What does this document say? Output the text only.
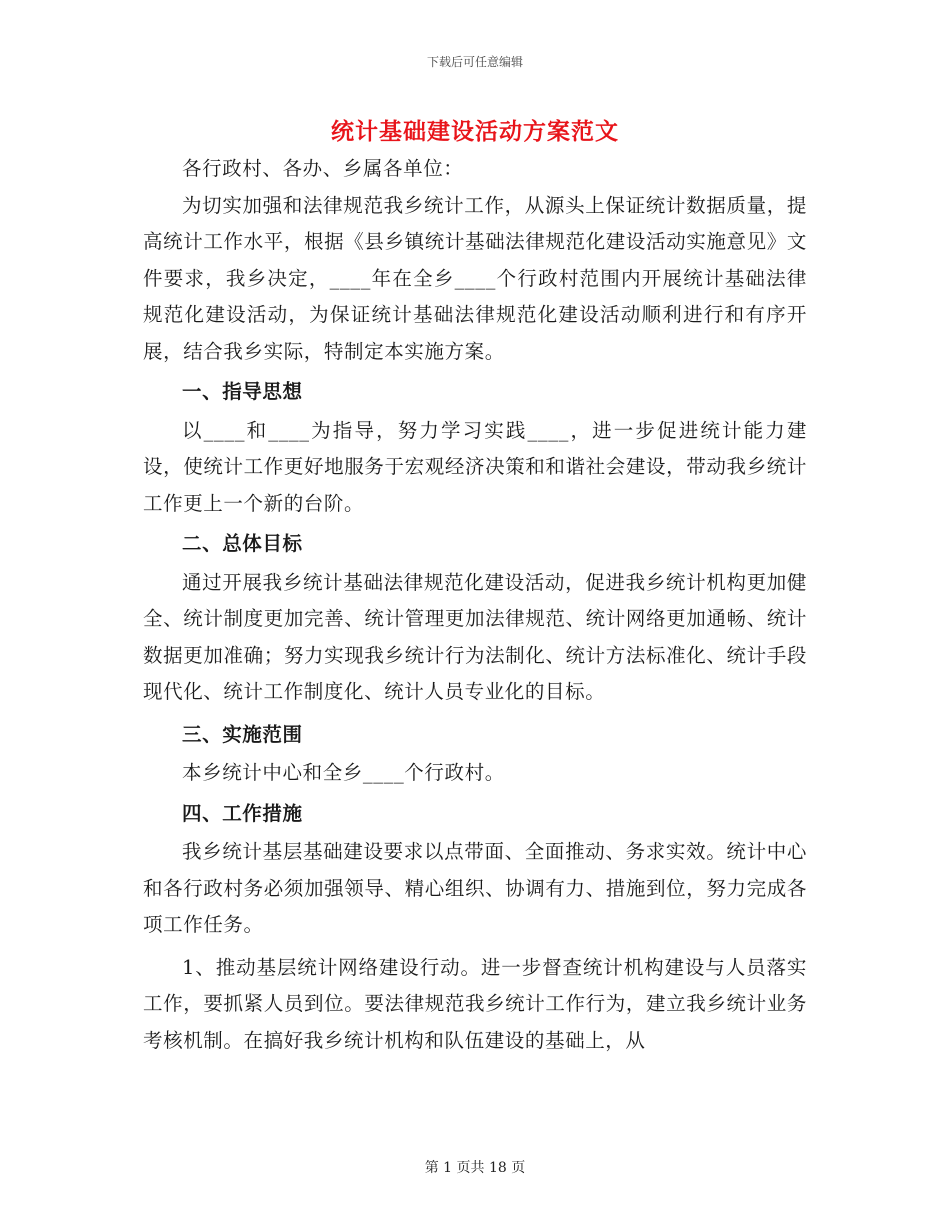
下载后可任意编辑
统计基础建设活动方案范文

各行政村、各办、乡属各单位：

为切实加强和法律规范我乡统计工作，从源头上保证统计数据质量，提高统计工作水平，根据《县乡镇统计基础法律规范化建设活动实施意见》文件要求，我乡决定，____年在全乡____个行政村范围内开展统计基础法律规范化建设活动，为保证统计基础法律规范化建设活动顺利进行和有序开展，结合我乡实际，特制定本实施方案。

一、指导思想

以____和____为指导，努力学习实践____，进一步促进统计能力建设，使统计工作更好地服务于宏观经济决策和和谐社会建设，带动我乡统计工作更上一个新的台阶。

二、总体目标

通过开展我乡统计基础法律规范化建设活动，促进我乡统计机构更加健全、统计制度更加完善、统计管理更加法律规范、统计网络更加通畅、统计数据更加准确；努力实现我乡统计行为法制化、统计方法标准化、统计手段现代化、统计工作制度化、统计人员专业化的目标。

三、实施范围

本乡统计中心和全乡____个行政村。

四、工作措施

我乡统计基层基础建设要求以点带面、全面推动、务求实效。统计中心和各行政村务必须加强领导、精心组织、协调有力、措施到位，努力完成各项工作任务。

1、推动基层统计网络建设行动。进一步督查统计机构建设与人员落实工作，要抓紧人员到位。要法律规范我乡统计工作行为，建立我乡统计业务考核机制。在搞好我乡统计机构和队伍建设的基础上，从

第 1 页共 18 页
